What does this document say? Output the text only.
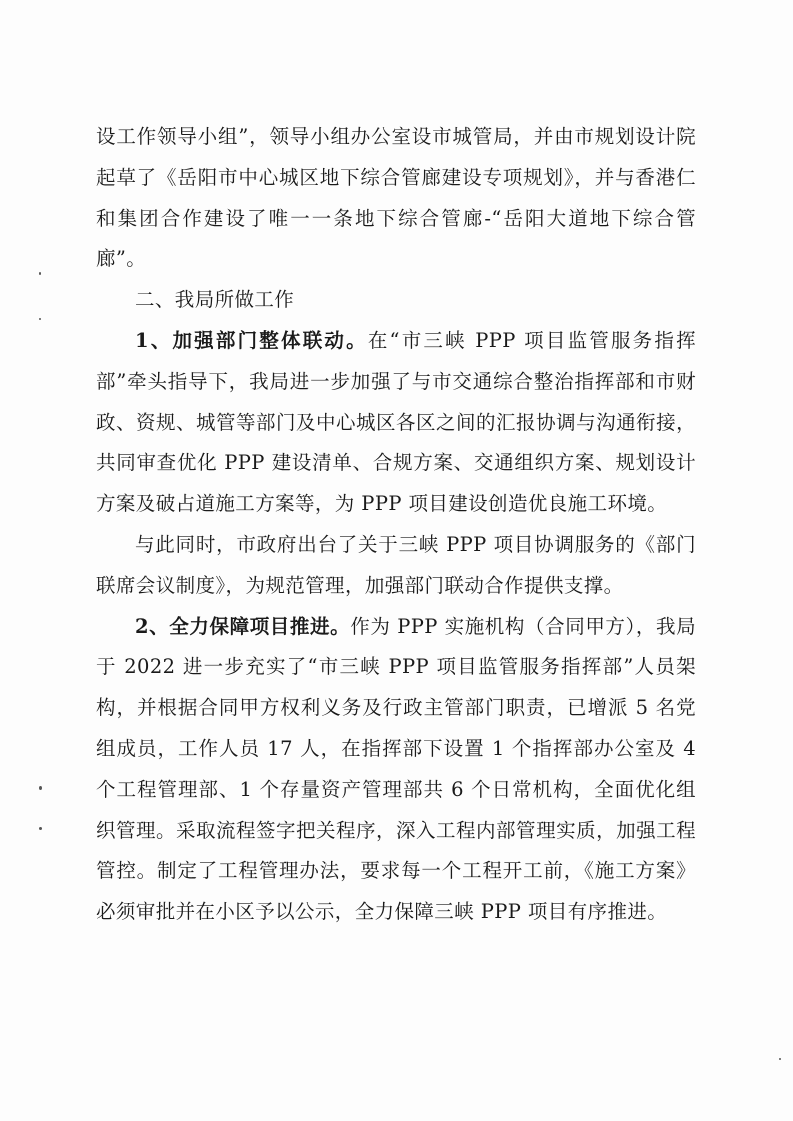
设工作领导小组”，领导小组办公室设市城管局，并由市规划设计院起草了《岳阳市中心城区地下综合管廊建设专项规划》，并与香港仁和集团合作建设了唯一一条地下综合管廊-“岳阳大道地下综合管廊”。

二、我局所做工作

1、加强部门整体联动。在“市三峡 PPP 项目监管服务指挥部”牵头指导下，我局进一步加强了与市交通综合整治指挥部和市财政、资规、城管等部门及中心城区各区之间的汇报协调与沟通衔接，共同审查优化 PPP 建设清单、合规方案、交通组织方案、规划设计方案及破占道施工方案等，为 PPP 项目建设创造优良施工环境。

与此同时，市政府出台了关于三峡 PPP 项目协调服务的《部门联席会议制度》，为规范管理，加强部门联动合作提供支撑。

2、全力保障项目推进。作为 PPP 实施机构（合同甲方），我局于 2022 进一步充实了“市三峡 PPP 项目监管服务指挥部”人员架构，并根据合同甲方权利义务及行政主管部门职责，已增派 5 名党组成员，工作人员 17 人，在指挥部下设置 1 个指挥部办公室及 4 个工程管理部、1 个存量资产管理部共 6 个日常机构，全面优化组织管理。采取流程签字把关程序，深入工程内部管理实质，加强工程管控。制定了工程管理办法，要求每一个工程开工前，《施工方案》必须审批并在小区予以公示，全力保障三峡 PPP 项目有序推进。
